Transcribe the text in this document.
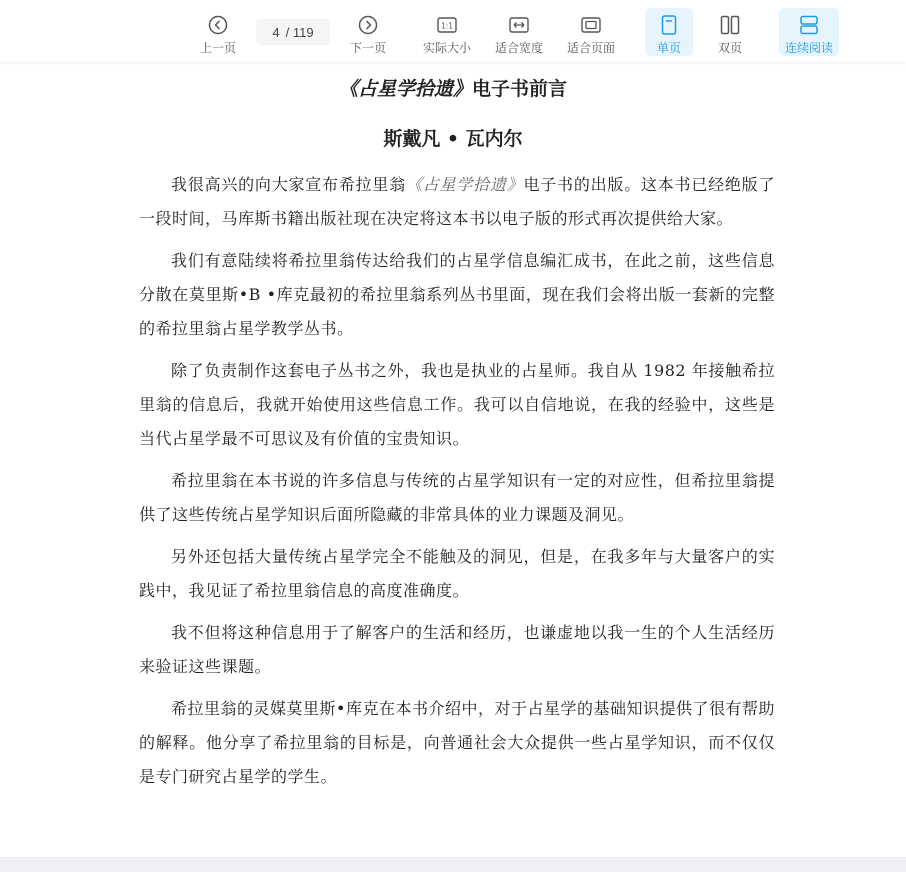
上一页
4 / 119
下一页
1:1
实际大小 适合宽度 适合页面	单页	双页	连续阅读
《占星学拾遗》电子书前言
斯戴凡 • 瓦内尔

我很高兴的向大家宣布希拉里翁《占星学拾遗》电子书的出版。这本书已经绝版了一段时间，马库斯书籍出版社现在决定将这本书以电子版的形式再次提供给大家。

我们有意陆续将希拉里翁传达给我们的占星学信息编汇成书，在此之前，这些信息分散在莫里斯•B •库克最初的希拉里翁系列丛书里面，现在我们会将出版一套新的完整的希拉里翁占星学教学丛书。

除了负责制作这套电子丛书之外，我也是执业的占星师。我自从 1982 年接触希拉里翁的信息后，我就开始使用这些信息工作。我可以自信地说，在我的经验中，这些是当代占星学最不可思议及有价值的宝贵知识。

希拉里翁在本书说的许多信息与传统的占星学知识有一定的对应性，但希拉里翁提供了这些传统占星学知识后面所隐藏的非常具体的业力课题及洞见。

另外还包括大量传统占星学完全不能触及的洞见，但是，在我多年与大量客户的实践中，我见证了希拉里翁信息的高度准确度。

我不但将这种信息用于了解客户的生活和经历，也谦虚地以我一生的个人生活经历来验证这些课题。

希拉里翁的灵媒莫里斯•库克在本书介绍中，对于占星学的基础知识提供了很有帮助的解释。他分享了希拉里翁的目标是，向普通社会大众提供一些占星学知识，而不仅仅是专门研究占星学的学生。
